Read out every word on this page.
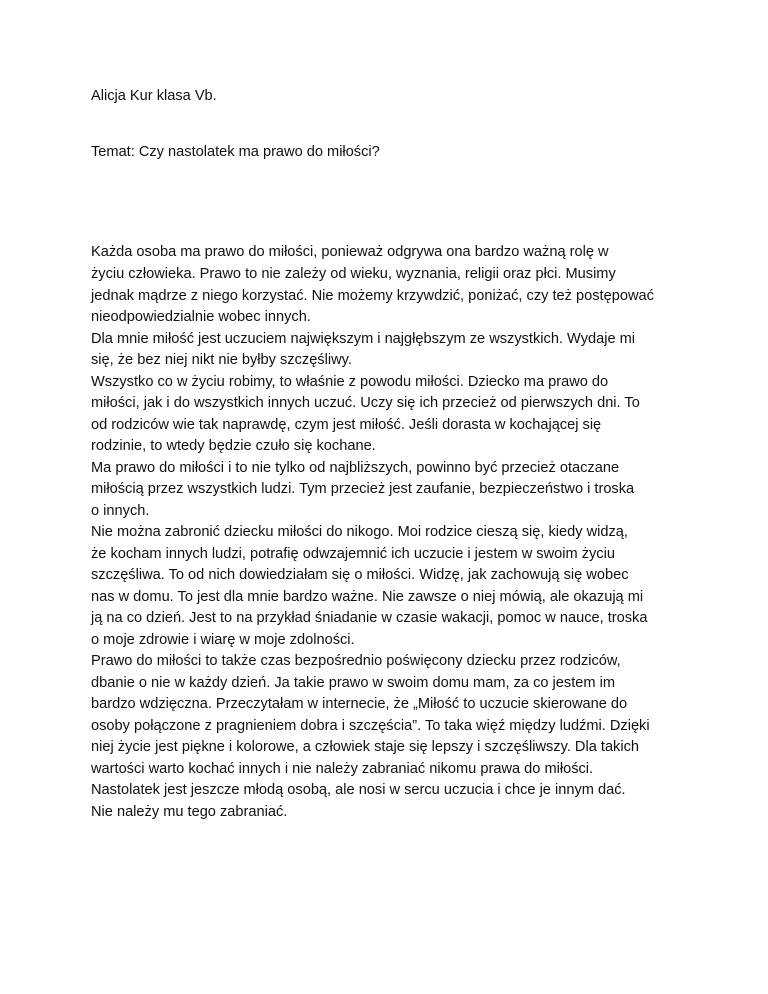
Alicja Kur klasa Vb.
Temat: Czy nastolatek ma prawo do miłości?
Każda osoba ma prawo do miłości, ponieważ odgrywa ona bardzo ważną rolę w
życiu człowieka. Prawo to nie zależy od wieku, wyznania, religii oraz płci. Musimy
jednak mądrze z niego korzystać. Nie możemy krzywdzić, poniżać, czy też postępować
nieodpowiedzialnie wobec innych.
Dla mnie miłość jest uczuciem największym i najgłębszym ze wszystkich. Wydaje mi
się, że bez niej nikt nie byłby szczęśliwy.
Wszystko co w życiu robimy, to właśnie z powodu miłości. Dziecko ma prawo do
miłości, jak i do wszystkich innych uczuć. Uczy się ich przecież od pierwszych dni. To
od rodziców wie tak naprawdę, czym jest miłość. Jeśli dorasta w kochającej się
rodzinie, to wtedy będzie czuło się kochane.
Ma prawo do miłości i to nie tylko od najbliższych, powinno być przecież otaczane
miłością przez wszystkich ludzi. Tym przecież jest zaufanie, bezpieczeństwo i troska
o innych.
Nie można zabronić dziecku miłości do nikogo. Moi rodzice cieszą się, kiedy widzą,
że kocham innych ludzi, potrafię odwzajemnić ich uczucie i jestem w swoim życiu
szczęśliwa. To od nich dowiedziałam się o miłości. Widzę, jak zachowują się wobec
nas w domu. To jest dla mnie bardzo ważne. Nie zawsze o niej mówią, ale okazują mi
ją na co dzień. Jest to na przykład śniadanie w czasie wakacji, pomoc w nauce, troska
o moje zdrowie i wiarę w moje zdolności.
Prawo do miłości to także czas bezpośrednio poświęcony dziecku przez rodziców,
dbanie o nie w każdy dzień. Ja takie prawo w swoim domu mam, za co jestem im
bardzo wdzięczna. Przeczytałam w internecie, że „Miłość to uczucie skierowane do
osoby połączone z pragnieniem dobra i szczęścia”. To taka więź między ludźmi. Dzięki
niej życie jest piękne i kolorowe, a człowiek staje się lepszy i szczęśliwszy. Dla takich
wartości warto kochać innych i nie należy zabraniać nikomu prawa do miłości.
Nastolatek jest jeszcze młodą osobą, ale nosi w sercu uczucia i chce je innym dać.
Nie należy mu tego zabraniać.
